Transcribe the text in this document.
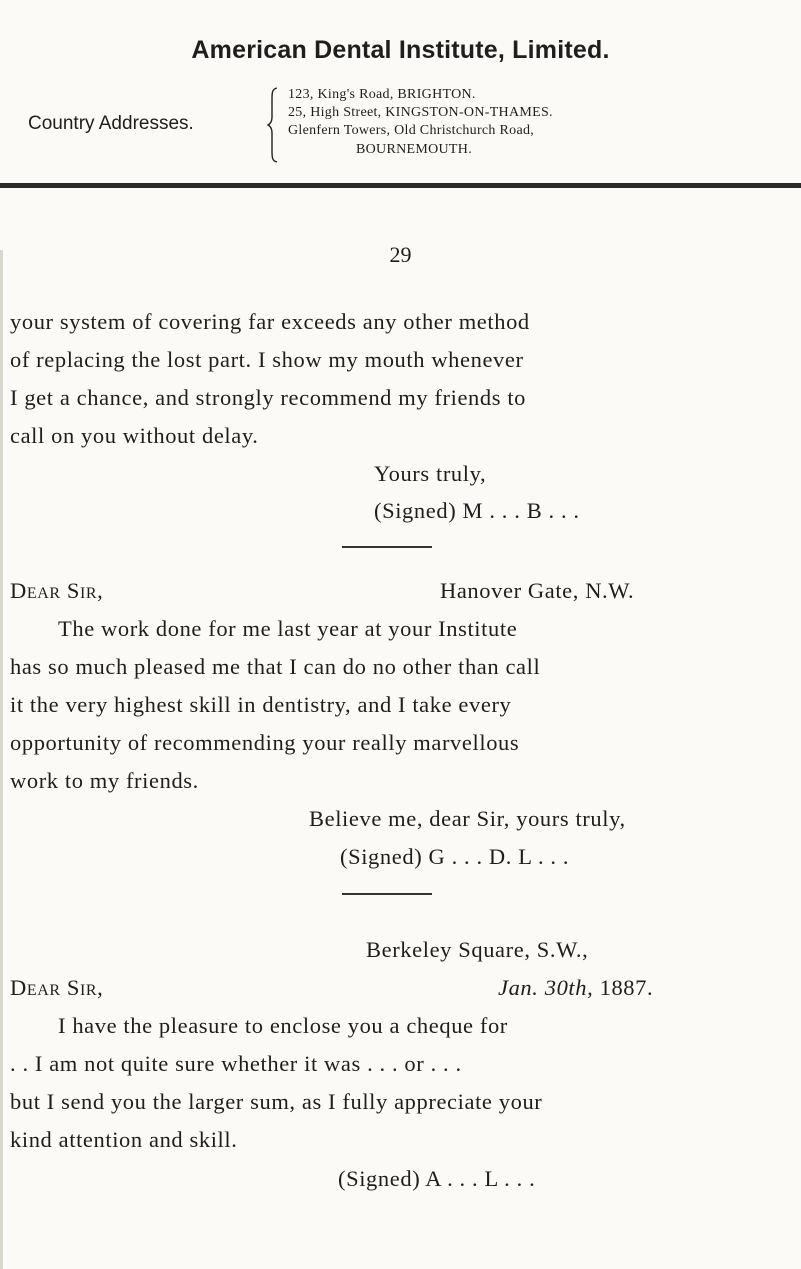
American Dental Institute, Limited.
Country Addresses.
123, King's Road, BRIGHTON.
25, High Street, KINGSTON-ON-THAMES.
Glenfern Towers, Old Christchurch Road,
BOURNEMOUTH.
29
your system of covering far exceeds any other method
of replacing the lost part. I show my mouth whenever
I get a chance, and strongly recommend my friends to
call on you without delay.
Yours truly,
(Signed) M . . . B . . .
Dear Sir,	Hanover Gate, N.W.
The work done for me last year at your Institute
has so much pleased me that I can do no other than call
it the very highest skill in dentistry, and I take every
opportunity of recommending your really marvellous
work to my friends.
Believe me, dear Sir, yours truly,
(Signed) G . . . D. L . . .
Berkeley Square, S.W.,
Dear Sir,	Jan. 30th, 1887.
I have the pleasure to enclose you a cheque for
. . I am not quite sure whether it was . . . or . . .
but I send you the larger sum, as I fully appreciate your
kind attention and skill.
(Signed) A . . . L . . .
